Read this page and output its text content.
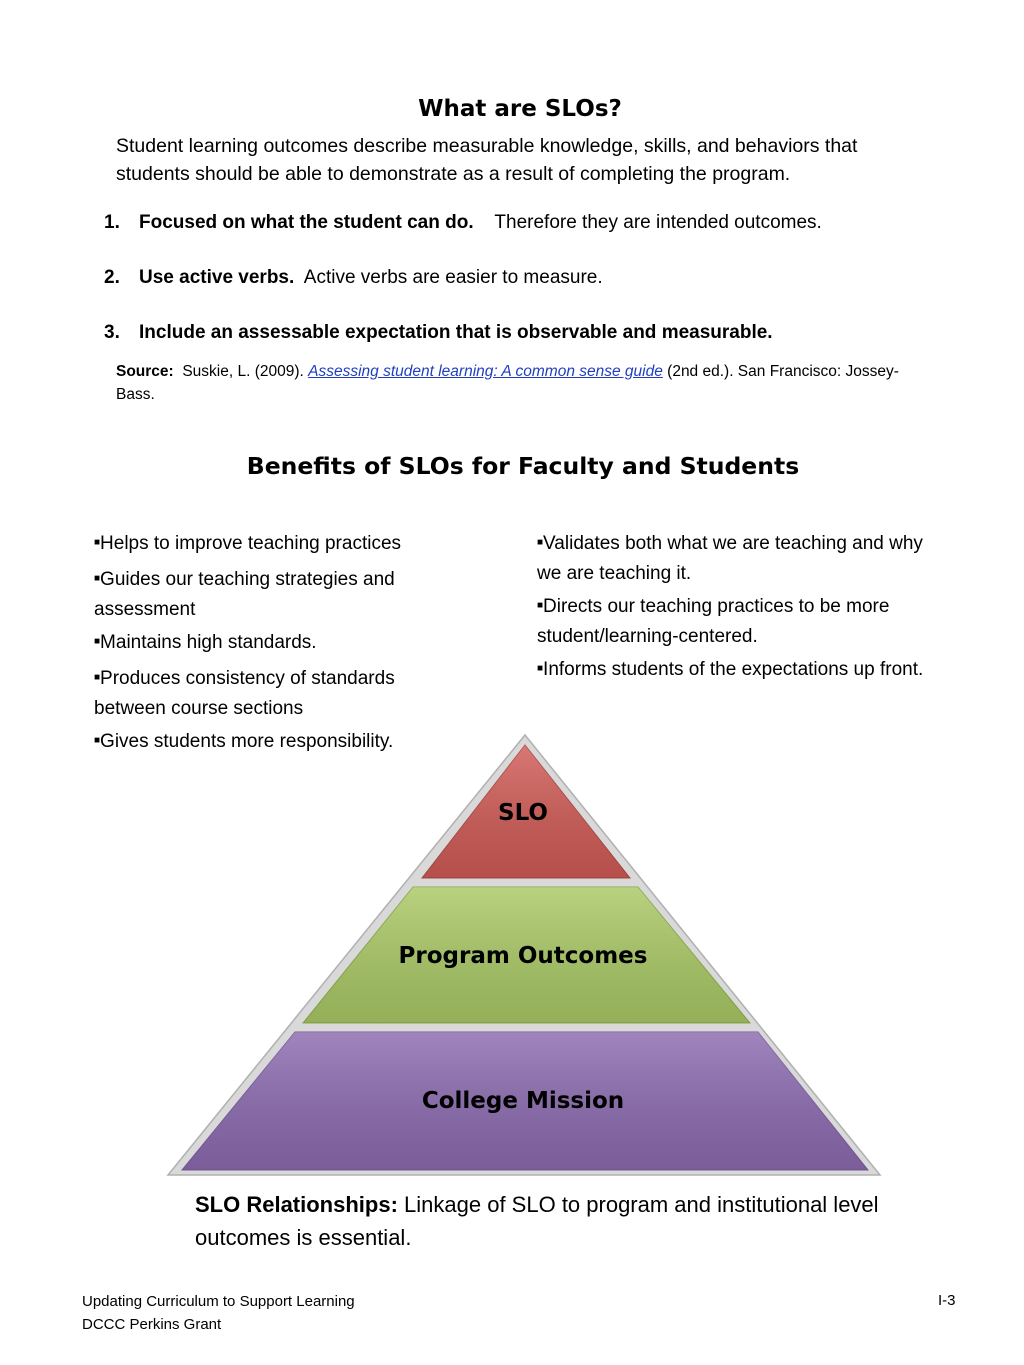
What are SLOs?
Student learning outcomes describe measurable knowledge, skills, and behaviors that students should be able to demonstrate as a result of completing the program.
1. Focused on what the student can do. Therefore they are intended outcomes.
2. Use active verbs. Active verbs are easier to measure.
3. Include an assessable expectation that is observable and measurable.
Source: Suskie, L. (2009). Assessing student learning: A common sense guide (2nd ed.). San Francisco: Jossey-Bass.
Benefits of SLOs for Faculty and Students
■Helps to improve teaching practices
■Guides our teaching strategies and assessment
■Maintains high standards.
■Produces consistency of standards between course sections
■Gives students more responsibility.
■Validates both what we are teaching and why we are teaching it.
■Directs our teaching practices to be more student/learning-centered.
■Informs students of the expectations up front.
SLO
Program Outcomes
College Mission
SLO Relationships: Linkage of SLO to program and institutional level outcomes is essential.
Updating Curriculum to Support Learning
DCCC Perkins Grant
I-3
